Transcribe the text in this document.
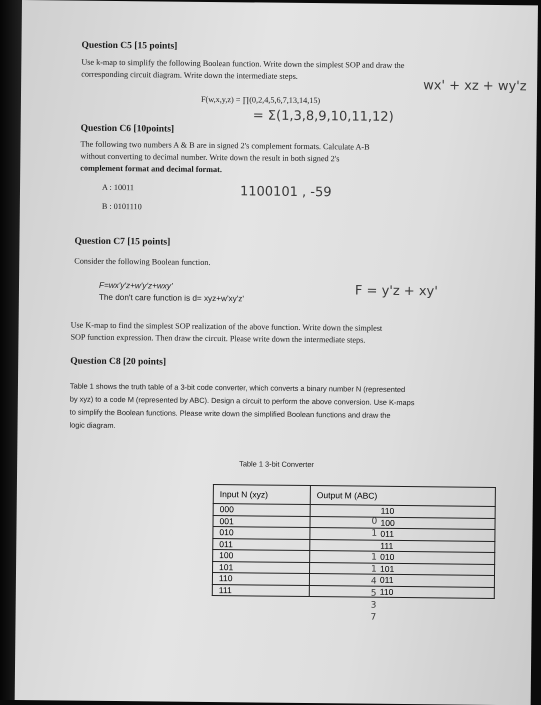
Question C5 [15 points]
Use k-map to simplify the following Boolean function. Write down the simplest SOP and draw the
corresponding circuit diagram. Write down the intermediate steps.
F(w,x,y,z) = ∏(0,2,4,5,6,7,13,14,15)
wx' + xz + wy'z
= Σ(1,3,8,9,10,11,12)
Question C6 [10points]
The following two numbers A & B are in signed 2's complement formats. Calculate A-B
without converting to decimal number. Write down the result in both signed 2's
complement format and decimal format.
A : 10011
B : 0101110
1100101 , -59
Question C7 [15 points]
Consider the following Boolean function.
F=wx'y'z+w'y'z+wxy'
The don't care function is d= xyz+w'xy'z'	F = y'z + xy'
Use K-map to find the simplest SOP realization of the above function. Write down the simplest
SOP function expression. Then draw the circuit. Please write down the intermediate steps.
Question C8 [20 points]
Table 1 shows the truth table of a 3-bit code converter, which converts a binary number N (represented
by xyz) to a code M (represented by ABC). Design a circuit to perform the above conversion. Use K-maps
to simplify the Boolean functions. Please write down the simplified Boolean functions and draw the
logic diagram.
Table 1 3-bit Converter
Input N (xyz)	Output M (ABC)
000	110
001	100
010	011
011	111
100	010
101	101
110	011
111	110
0
1

1
1
4
5
3
7
